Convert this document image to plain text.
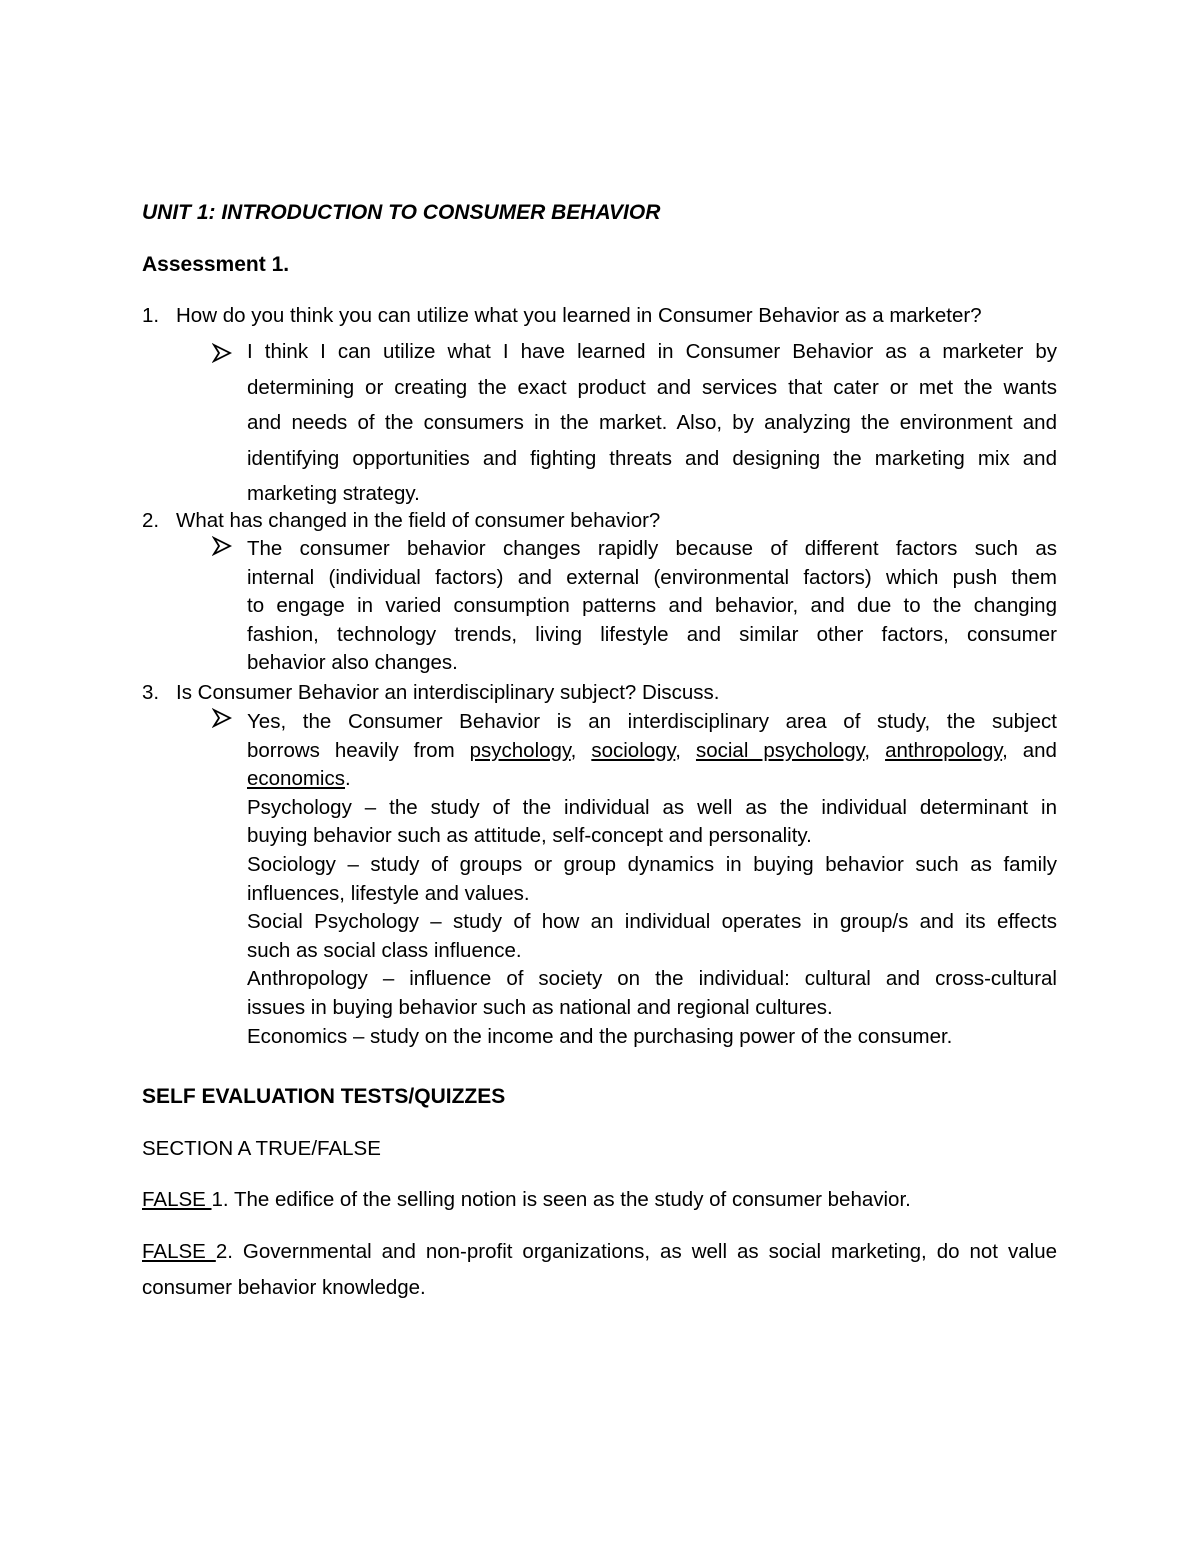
UNIT 1: INTRODUCTION TO CONSUMER BEHAVIOR
Assessment 1.
1. How do you think you can utilize what you learned in Consumer Behavior as a marketer?
I think I can utilize what I have learned in Consumer Behavior as a marketer by
determining or creating the exact product and services that cater or met the wants
and needs of the consumers in the market. Also, by analyzing the environment and
identifying opportunities and fighting threats and designing the marketing mix and
marketing strategy.
2. What has changed in the field of consumer behavior?
The consumer behavior changes rapidly because of different factors such as
internal (individual factors) and external (environmental factors) which push them
to engage in varied consumption patterns and behavior, and due to the changing
fashion, technology trends, living lifestyle and similar other factors, consumer
behavior also changes.
3. Is Consumer Behavior an interdisciplinary subject? Discuss.
Yes, the Consumer Behavior is an interdisciplinary area of study, the subject
borrows heavily from psychology, sociology, social psychology, anthropology, and
economics.
Psychology – the study of the individual as well as the individual determinant in
buying behavior such as attitude, self-concept and personality.
Sociology – study of groups or group dynamics in buying behavior such as family
influences, lifestyle and values.
Social Psychology – study of how an individual operates in group/s and its effects
such as social class influence.
Anthropology – influence of society on the individual: cultural and cross-cultural
issues in buying behavior such as national and regional cultures.
Economics – study on the income and the purchasing power of the consumer.
SELF EVALUATION TESTS/QUIZZES
SECTION A TRUE/FALSE
FALSE 1. The edifice of the selling notion is seen as the study of consumer behavior.
FALSE 2. Governmental and non-profit organizations, as well as social marketing, do not value
consumer behavior knowledge.
